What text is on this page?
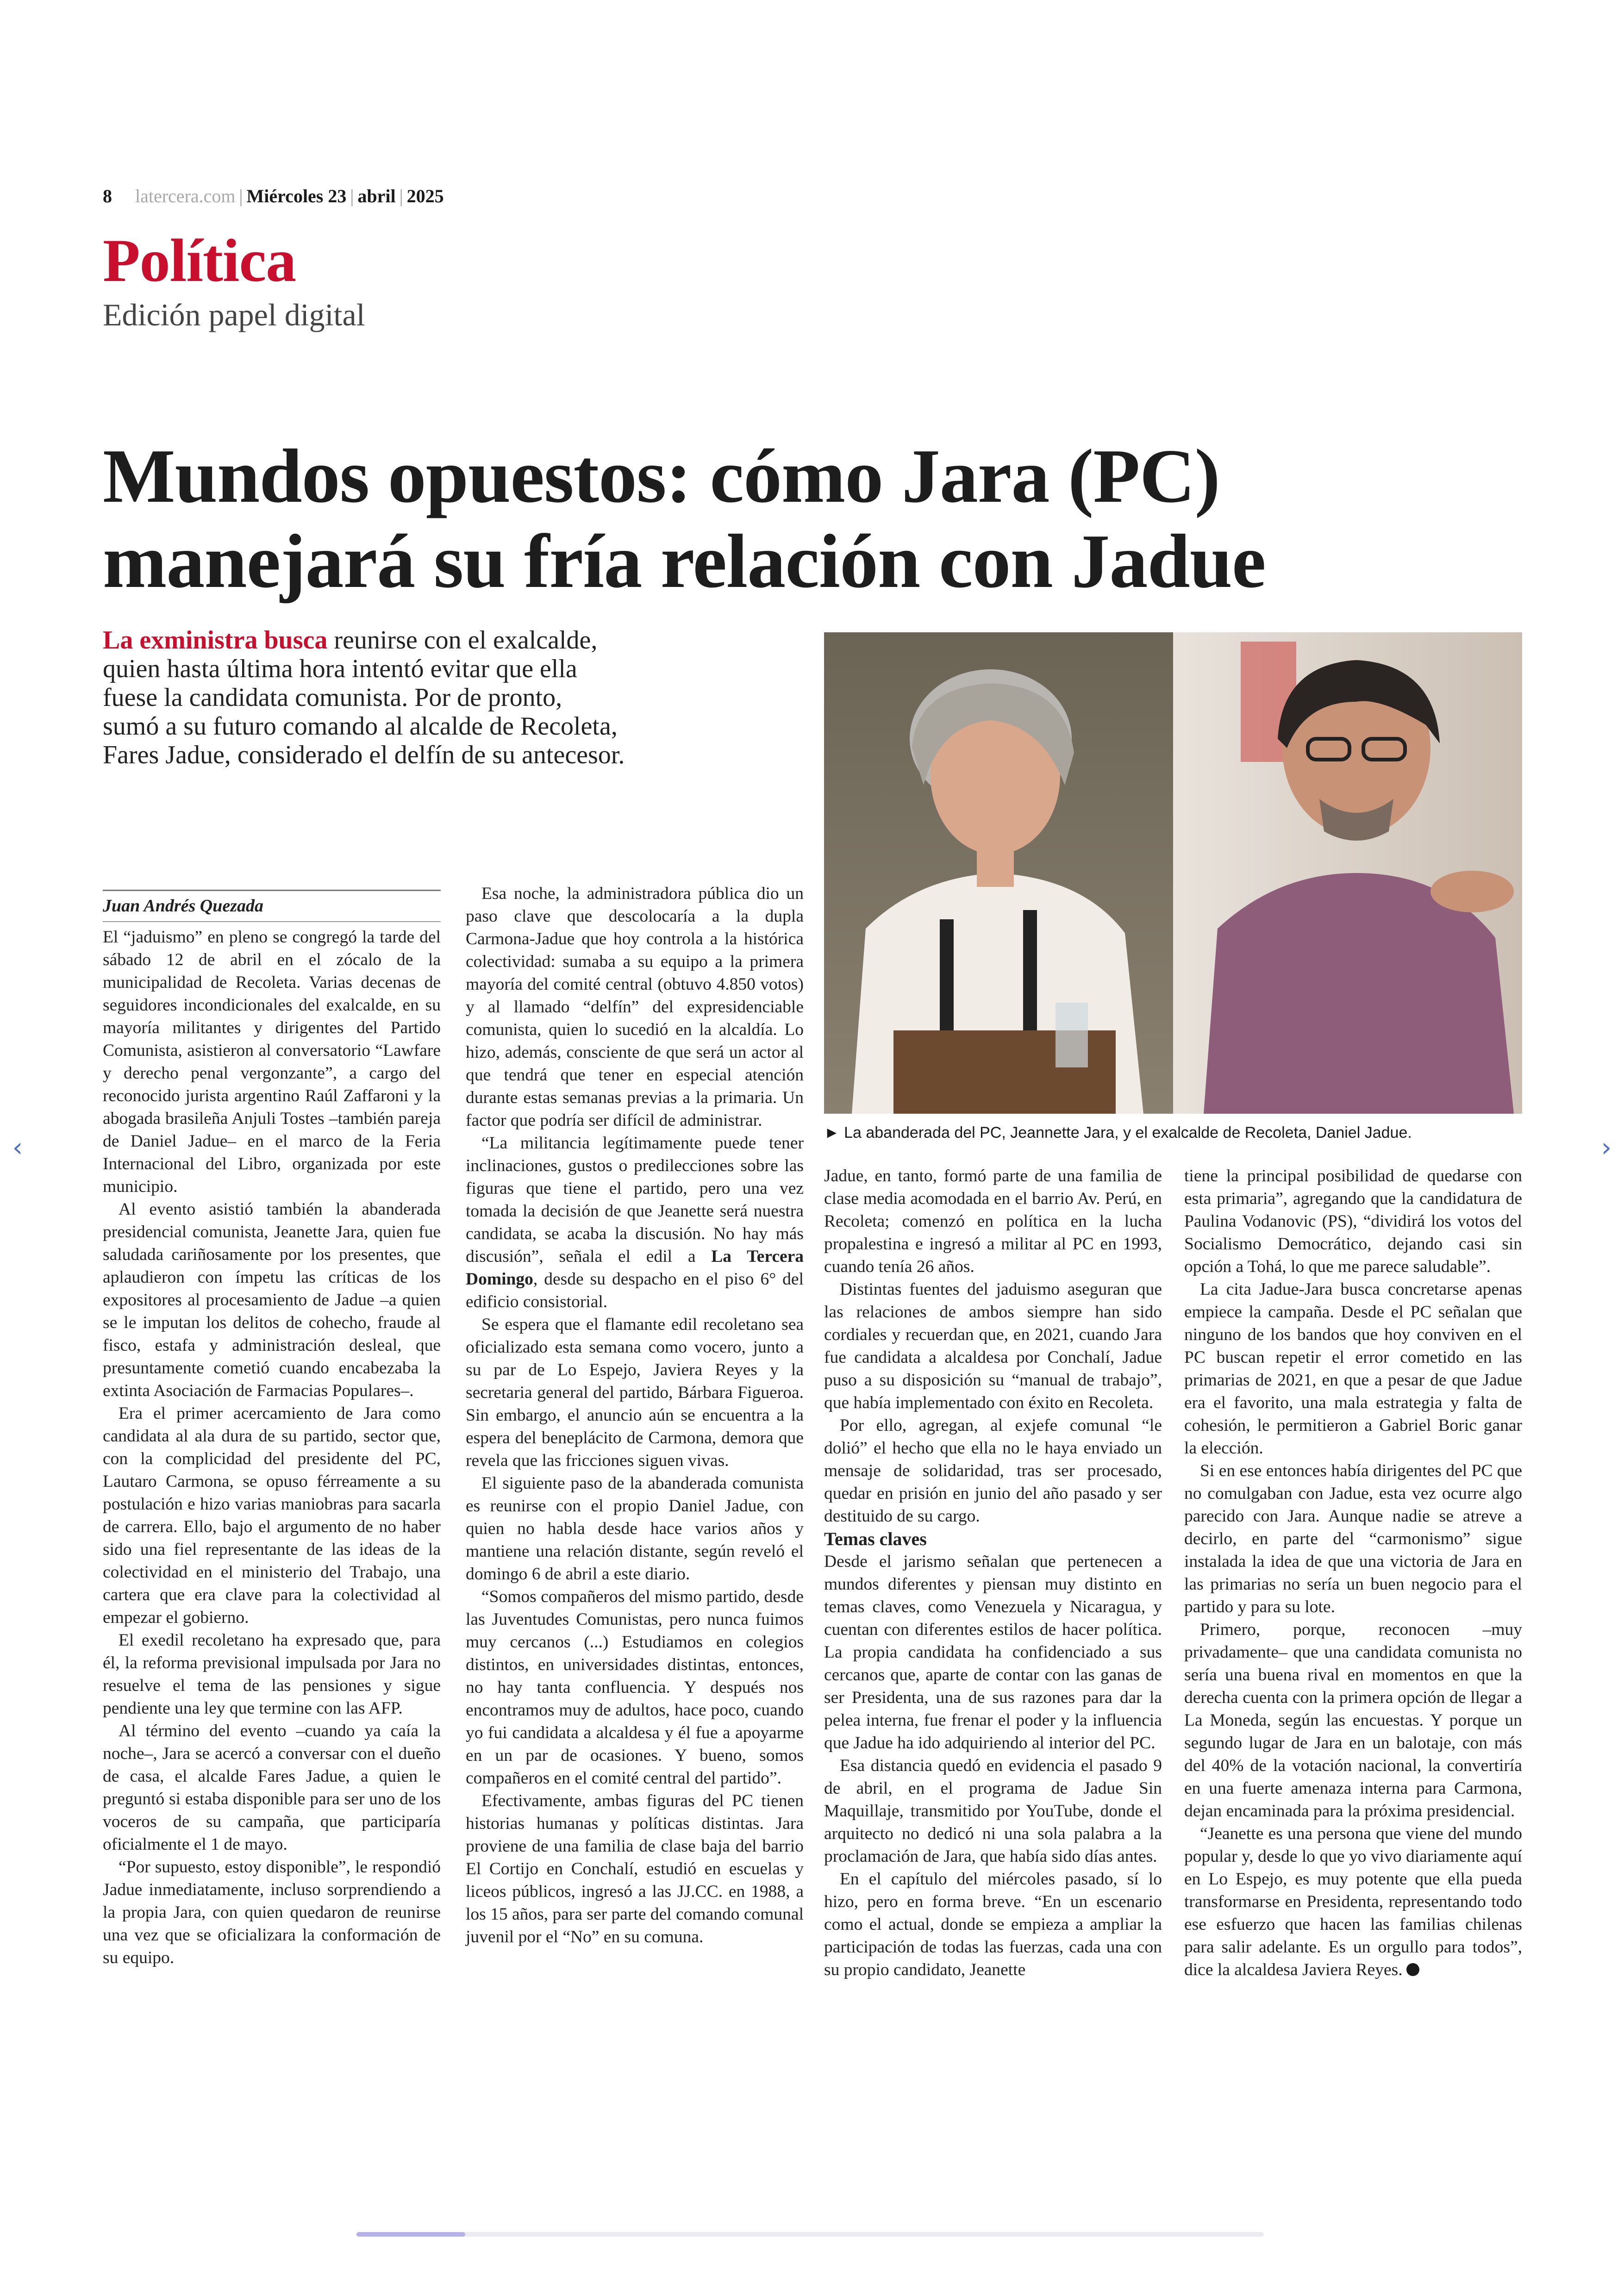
8 latercera.com | Miércoles 23 | abril | 2025
Política
Edición papel digital
Mundos opuestos: cómo Jara (PC)
manejará su fría relación con Jadue
La exministra busca reunirse con el exalcalde,
quien hasta última hora intentó evitar que ella
fuese la candidata comunista. Por de pronto,
sumó a su futuro comando al alcalde de Recoleta,
Fares Jadue, considerado el delfín de su antecesor.
► La abanderada del PC, Jeannette Jara, y el exalcalde de Recoleta, Daniel Jadue.
Juan Andrés Quezada

El “jaduismo” en pleno se congregó la tarde del sábado 12 de abril en el zócalo de la municipalidad de Recoleta. Varias decenas de seguidores incondicionales del exalcalde, en su mayoría militantes y dirigentes del Partido Comunista, asistieron al conversatorio “Lawfare y derecho penal vergonzante”, a cargo del reconocido jurista argentino Raúl Zaffaroni y la abogada brasileña Anjuli Tostes –también pareja de Daniel Jadue– en el marco de la Feria Internacional del Libro, organizada por este municipio.

Al evento asistió también la abanderada presidencial comunista, Jeanette Jara, quien fue saludada cariñosamente por los presentes, que aplaudieron con ímpetu las críticas de los expositores al procesamiento de Jadue –a quien se le imputan los delitos de cohecho, fraude al fisco, estafa y administración desleal, que presuntamente cometió cuando encabezaba la extinta Asociación de Farmacias Populares–.

Era el primer acercamiento de Jara como candidata al ala dura de su partido, sector que, con la complicidad del presidente del PC, Lautaro Carmona, se opuso férreamente a su postulación e hizo varias maniobras para sacarla de carrera. Ello, bajo el argumento de no haber sido una fiel representante de las ideas de la colectividad en el ministerio del Trabajo, una cartera que era clave para la colectividad al empezar el gobierno.

El exedil recoletano ha expresado que, para él, la reforma previsional impulsada por Jara no resuelve el tema de las pensiones y sigue pendiente una ley que termine con las AFP.

Al término del evento –cuando ya caía la noche–, Jara se acercó a conversar con el dueño de casa, el alcalde Fares Jadue, a quien le preguntó si estaba disponible para ser uno de los voceros de su campaña, que participaría oficialmente el 1 de mayo.

“Por supuesto, estoy disponible”, le respondió Jadue inmediatamente, incluso sorprendiendo a la propia Jara, con quien quedaron de reunirse una vez que se oficializara la conformación de su equipo.

Esa noche, la administradora pública dio un paso clave que descolocaría a la dupla Carmona-Jadue que hoy controla a la histórica colectividad: sumaba a su equipo a la primera mayoría del comité central (obtuvo 4.850 votos) y al llamado “delfín” del expresidenciable comunista, quien lo sucedió en la alcaldía. Lo hizo, además, consciente de que será un actor al que tendrá que tener en especial atención durante estas semanas previas a la primaria. Un factor que podría ser difícil de administrar.

“La militancia legítimamente puede tener inclinaciones, gustos o predilecciones sobre las figuras que tiene el partido, pero una vez tomada la decisión de que Jeanette será nuestra candidata, se acaba la discusión. No hay más discusión”, señala el edil a La Tercera Domingo, desde su despacho en el piso 6° del edificio consistorial.

Se espera que el flamante edil recoletano sea oficializado esta semana como vocero, junto a su par de Lo Espejo, Javiera Reyes y la secretaria general del partido, Bárbara Figueroa. Sin embargo, el anuncio aún se encuentra a la espera del beneplácito de Carmona, demora que revela que las fricciones siguen vivas.

El siguiente paso de la abanderada comunista es reunirse con el propio Daniel Jadue, con quien no habla desde hace varios años y mantiene una relación distante, según reveló el domingo 6 de abril a este diario.

“Somos compañeros del mismo partido, desde las Juventudes Comunistas, pero nunca fuimos muy cercanos (...) Estudiamos en colegios distintos, en universidades distintas, entonces, no hay tanta confluencia. Y después nos encontramos muy de adultos, hace poco, cuando yo fui candidata a alcaldesa y él fue a apoyarme en un par de ocasiones. Y bueno, somos compañeros en el comité central del partido”.

Efectivamente, ambas figuras del PC tienen historias humanas y políticas distintas. Jara proviene de una familia de clase baja del barrio El Cortijo en Conchalí, estudió en escuelas y liceos públicos, ingresó a las JJ.CC. en 1988, a los 15 años, para ser parte del comando comunal juvenil por el “No” en su comuna.

Jadue, en tanto, formó parte de una familia de clase media acomodada en el barrio Av. Perú, en Recoleta; comenzó en política en la lucha propalestina e ingresó a militar al PC en 1993, cuando tenía 26 años.

Distintas fuentes del jaduismo aseguran que las relaciones de ambos siempre han sido cordiales y recuerdan que, en 2021, cuando Jara fue candidata a alcaldesa por Conchalí, Jadue puso a su disposición su “manual de trabajo”, que había implementado con éxito en Recoleta.

Por ello, agregan, al exjefe comunal “le dolió” el hecho que ella no le haya enviado un mensaje de solidaridad, tras ser procesado, quedar en prisión en junio del año pasado y ser destituido de su cargo.

Temas claves

Desde el jarismo señalan que pertenecen a mundos diferentes y piensan muy distinto en temas claves, como Venezuela y Nicaragua, y cuentan con diferentes estilos de hacer política. La propia candidata ha confidenciado a sus cercanos que, aparte de contar con las ganas de ser Presidenta, una de sus razones para dar la pelea interna, fue frenar el poder y la influencia que Jadue ha ido adquiriendo al interior del PC.

Esa distancia quedó en evidencia el pasado 9 de abril, en el programa de Jadue Sin Maquillaje, transmitido por YouTube, donde el arquitecto no dedicó ni una sola palabra a la proclamación de Jara, que había sido días antes.

En el capítulo del miércoles pasado, sí lo hizo, pero en forma breve. “En un escenario como el actual, donde se empieza a ampliar la participación de todas las fuerzas, cada una con su propio candidato, Jeanette

tiene la principal posibilidad de quedarse con esta primaria”, agregando que la candidatura de Paulina Vodanovic (PS), “dividirá los votos del Socialismo Democrático, dejando casi sin opción a Tohá, lo que me parece saludable”.

La cita Jadue-Jara busca concretarse apenas empiece la campaña. Desde el PC señalan que ninguno de los bandos que hoy conviven en el PC buscan repetir el error cometido en las primarias de 2021, en que a pesar de que Jadue era el favorito, una mala estrategia y falta de cohesión, le permitieron a Gabriel Boric ganar la elección.

Si en ese entonces había dirigentes del PC que no comulgaban con Jadue, esta vez ocurre algo parecido con Jara. Aunque nadie se atreve a decirlo, en parte del “carmonismo” sigue instalada la idea de que una victoria de Jara en las primarias no sería un buen negocio para el partido y para su lote.

Primero, porque, reconocen –muy privadamente– que una candidata comunista no sería una buena rival en momentos en que la derecha cuenta con la primera opción de llegar a La Moneda, según las encuestas. Y porque un segundo lugar de Jara en un balotaje, con más del 40% de la votación nacional, la convertiría en una fuerte amenaza interna para Carmona, dejan encaminada para la próxima presidencial.

“Jeanette es una persona que viene del mundo popular y, desde lo que yo vivo diariamente aquí en Lo Espejo, es muy potente que ella pueda transformarse en Presidenta, representando todo ese esfuerzo que hacen las familias chilenas para salir adelante. Es un orgullo para todos”, dice la alcaldesa Javiera Reyes.

‹	›
